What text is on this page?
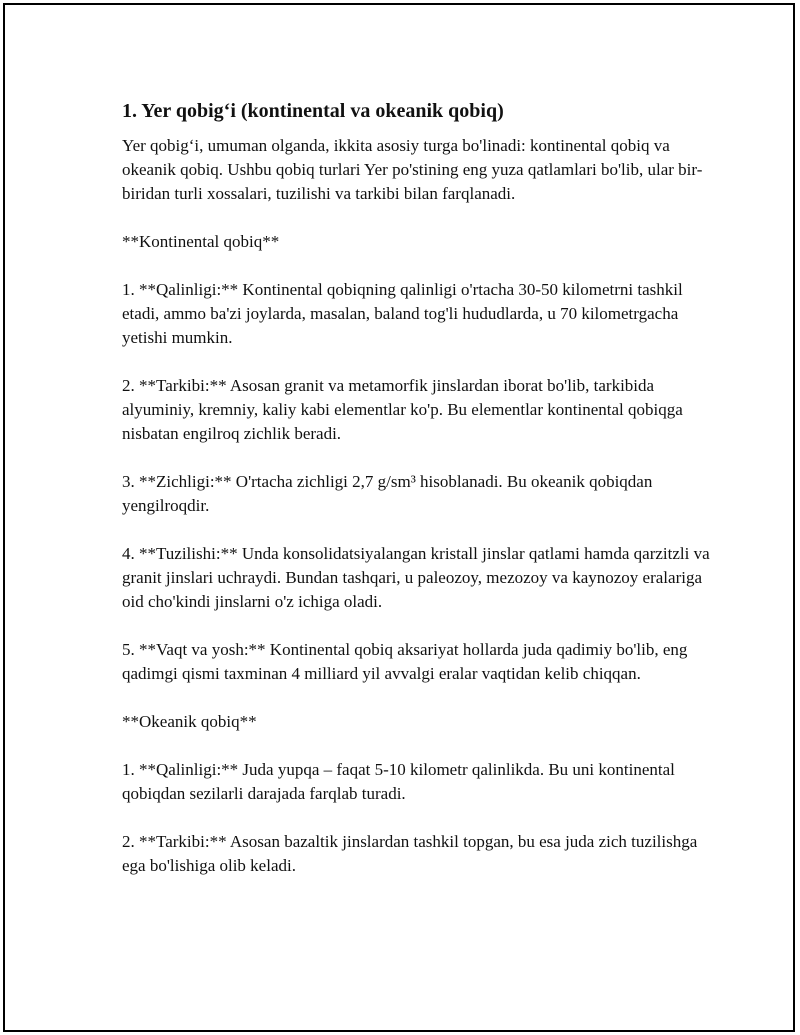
1. Yer qobig‘i (kontinental va okeanik qobiq)

Yer qobig‘i, umuman olganda, ikkita asosiy turga bo'linadi: kontinental qobiq va okeanik qobiq. Ushbu qobiq turlari Yer po'stining eng yuza qatlamlari bo'lib, ular bir-biridan turli xossalari, tuzilishi va tarkibi bilan farqlanadi.

**Kontinental qobiq**

1. **Qalinligi:** Kontinental qobiqning qalinligi o'rtacha 30-50 kilometrni tashkil etadi, ammo ba'zi joylarda, masalan, baland tog'li hududlarda, u 70 kilometrgacha yetishi mumkin.

2. **Tarkibi:** Asosan granit va metamorfik jinslardan iborat bo'lib, tarkibida alyuminiy, kremniy, kaliy kabi elementlar ko'p. Bu elementlar kontinental qobiqga nisbatan engilroq zichlik beradi.

3. **Zichligi:** O'rtacha zichligi 2,7 g/sm³ hisoblanadi. Bu okeanik qobiqdan yengilroqdir.

4. **Tuzilishi:** Unda konsolidatsiyalangan kristall jinslar qatlami hamda qarzitzli va granit jinslari uchraydi. Bundan tashqari, u paleozoy, mezozoy va kaynozoy eralariga oid cho'kindi jinslarni o'z ichiga oladi.

5. **Vaqt va yosh:** Kontinental qobiq aksariyat hollarda juda qadimiy bo'lib, eng qadimgi qismi taxminan 4 milliard yil avvalgi eralar vaqtidan kelib chiqqan.

**Okeanik qobiq**

1. **Qalinligi:** Juda yupqa – faqat 5-10 kilometr qalinlikda. Bu uni kontinental qobiqdan sezilarli darajada farqlab turadi.

2. **Tarkibi:** Asosan bazaltik jinslardan tashkil topgan, bu esa juda zich tuzilishga ega bo'lishiga olib keladi.
